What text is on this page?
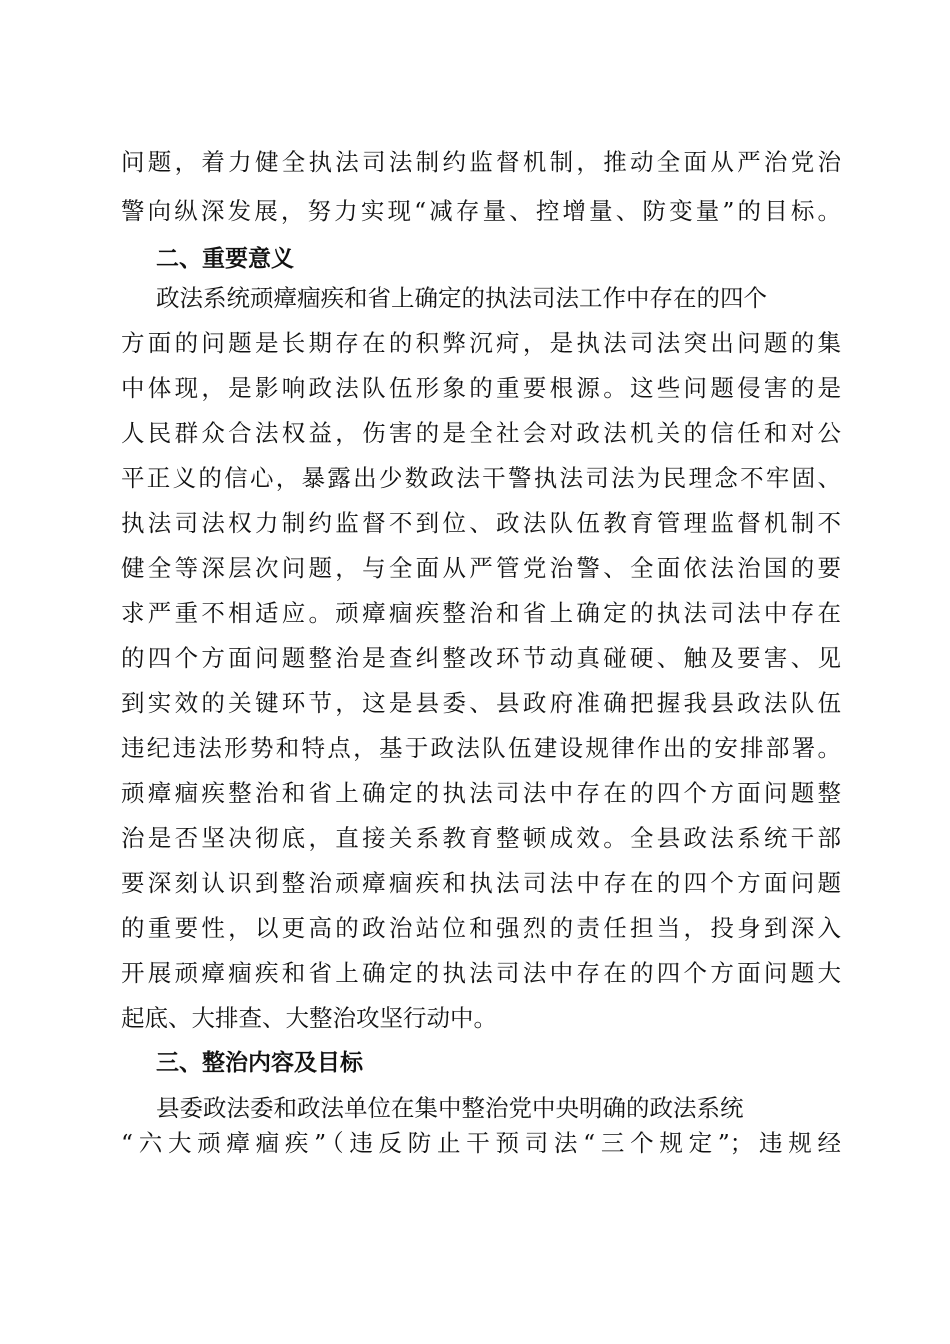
问题，着力健全执法司法制约监督机制，推动全面从严治党治
警向纵深发展，努力实现“减存量、控增量、防变量”的目标。
二、重要意义
政法系统顽瘴痼疾和省上确定的执法司法工作中存在的四个
方面的问题是长期存在的积弊沉疴，是执法司法突出问题的集
中体现，是影响政法队伍形象的重要根源。这些问题侵害的是
人民群众合法权益，伤害的是全社会对政法机关的信任和对公
平正义的信心，暴露出少数政法干警执法司法为民理念不牢固、
执法司法权力制约监督不到位、政法队伍教育管理监督机制不
健全等深层次问题，与全面从严管党治警、全面依法治国的要
求严重不相适应。顽瘴痼疾整治和省上确定的执法司法中存在
的四个方面问题整治是查纠整改环节动真碰硬、触及要害、见
到实效的关键环节，这是县委、县政府准确把握我县政法队伍
违纪违法形势和特点，基于政法队伍建设规律作出的安排部署。
顽瘴痼疾整治和省上确定的执法司法中存在的四个方面问题整
治是否坚决彻底，直接关系教育整顿成效。全县政法系统干部
要深刻认识到整治顽瘴痼疾和执法司法中存在的四个方面问题
的重要性，以更高的政治站位和强烈的责任担当，投身到深入
开展顽瘴痼疾和省上确定的执法司法中存在的四个方面问题大
起底、大排查、大整治攻坚行动中。
三、整治内容及目标
县委政法委和政法单位在集中整治党中央明确的政法系统
“六大顽瘴痼疾”（违反防止干预司法“三个规定”；违规经
